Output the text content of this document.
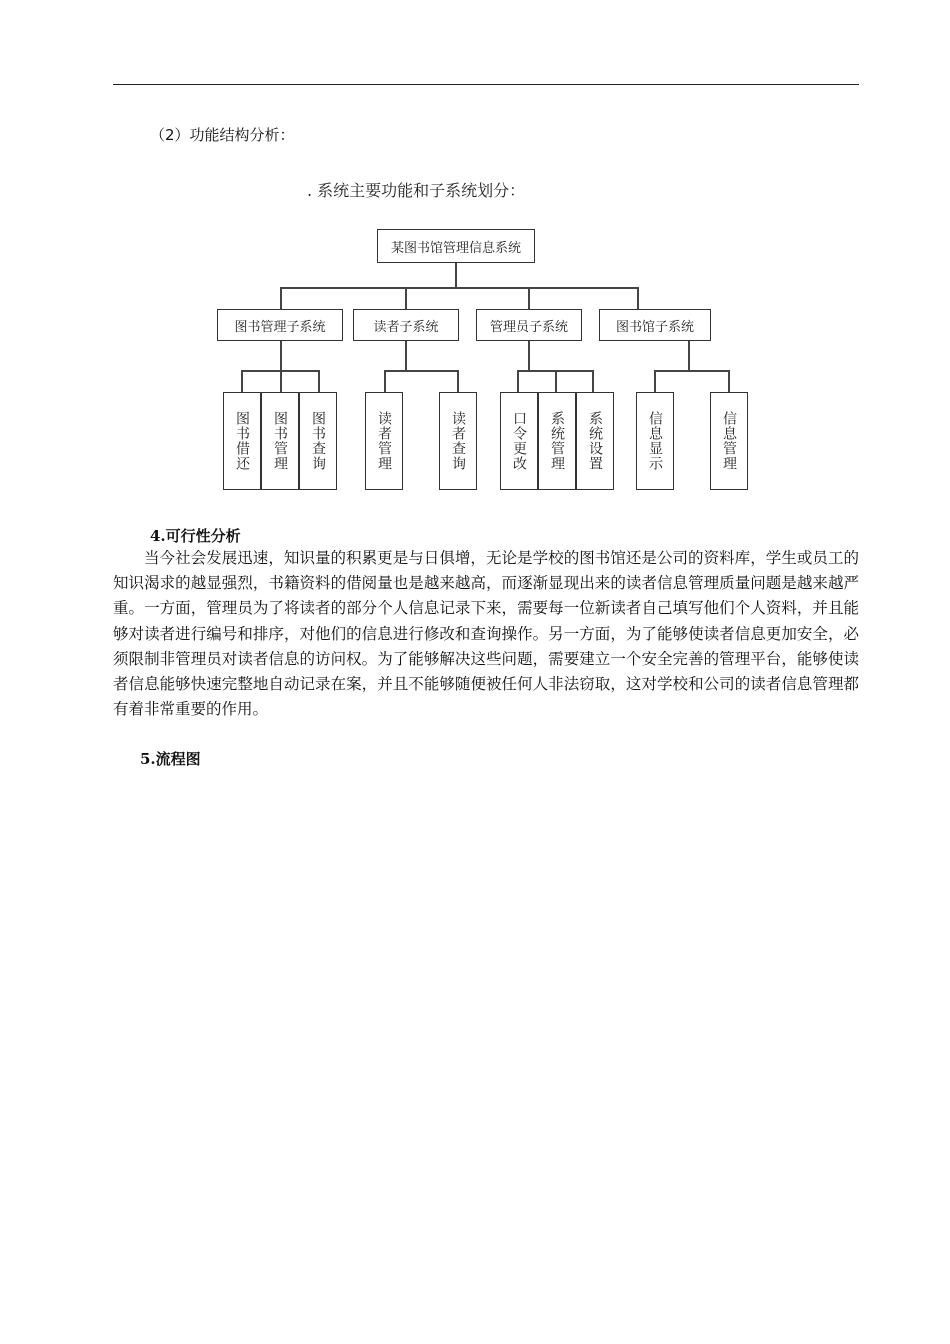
（2）功能结构分析：
. 系统主要功能和子系统划分：
某图书馆管理信息系统
图书管理子系统	读者子系统	管理员子系统	图书馆子系统
图书借还	图书管理	图书查询	读者管理	读者查询	口令更改	系统管理	系统设置	信息显示	信息管理
4.可行性分析

当今社会发展迅速，知识量的积累更是与日俱增，无论是学校的图书馆还是公司的资料库，学生或员工的知识渴求的越显强烈，书籍资料的借阅量也是越来越高，而逐渐显现出来的读者信息管理质量问题是越来越严重。一方面，管理员为了将读者的部分个人信息记录下来，需要每一位新读者自己填写他们个人资料，并且能够对读者进行编号和排序，对他们的信息进行修改和查询操作。另一方面，为了能够使读者信息更加安全，必须限制非管理员对读者信息的访问权。为了能够解决这些问题，需要建立一个安全完善的管理平台，能够使读者信息能够快速完整地自动记录在案，并且不能够随便被任何人非法窃取，这对学校和公司的读者信息管理都有着非常重要的作用。

5.流程图
